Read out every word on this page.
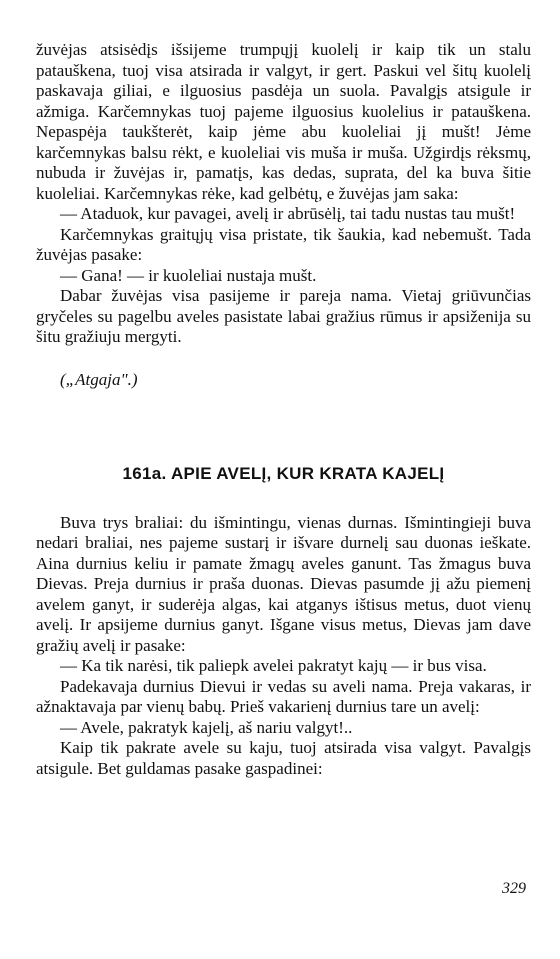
žuvėjas atsisėdįs išsijeme trumpųjį kuolelį ir kaip tik un stalu patauškena, tuoj visa atsirada ir valgyt, ir gert. Paskui vel šitų kuolelį paskavaja giliai, e ilguosius pasdėja un suola. Pavalgįs atsigule ir ažmiga. Karčemnykas tuoj pajeme ilguosius kuolelius ir patauškena. Nepaspėja taukšterėt, kaip jėme abu kuoleliai jį mušt! Jėme karčemnykas balsu rėkt, e kuoleliai vis muša ir muša. Užgirdįs rėksmų, nubuda ir žuvėjas ir, pamatįs, kas dedas, suprata, del ka buva šitie kuoleliai. Karčemnykas rėke, kad gelbėtų, e žuvėjas jam saka:

— Ataduok, kur pavagei, avelį ir abrūsėlį, tai tadu nustas tau mušt!

Karčemnykas graitųjų visa pristate, tik šaukia, kad nebemušt. Tada žuvėjas pasake:

— Gana! — ir kuoleliai nustaja mušt.

Dabar žuvėjas visa pasijeme ir pareja nama. Vietaj griūvunčias gryčeles su pagelbu aveles pasistate labai gražius rūmus ir apsiženija su šitu gražiuju mergyti.

(„Atgaja".)

161a. APIE AVELĮ, KUR KRATA KAJELĮ

Buva trys braliai: du išmintingu, vienas durnas. Išmintingieji buva nedari braliai, nes pajeme sustarį ir išvare durnelį sau duonas ieškate. Aina durnius keliu ir pamate žmagų aveles ganunt. Tas žmagus buva Dievas. Preja durnius ir praša duonas. Dievas pasumde jį ažu piemenį avelem ganyt, ir suderėja algas, kai atganys ištisus metus, duot vienų avelį. Ir apsijeme durnius ganyt. Išgane visus metus, Dievas jam dave gražių avelį ir pasake:

— Ka tik narėsi, tik paliepk avelei pakratyt kajų — ir bus visa.

Padekavaja durnius Dievui ir vedas su aveli nama. Preja vakaras, ir ažnaktavaja par vienų babų. Prieš vakarienį durnius tare un avelį:

— Avele, pakratyk kajelį, aš nariu valgyt!..

Kaip tik pakrate avele su kaju, tuoj atsirada visa valgyt. Pavalgįs atsigule. Bet guldamas pasake gaspadinei:

329
